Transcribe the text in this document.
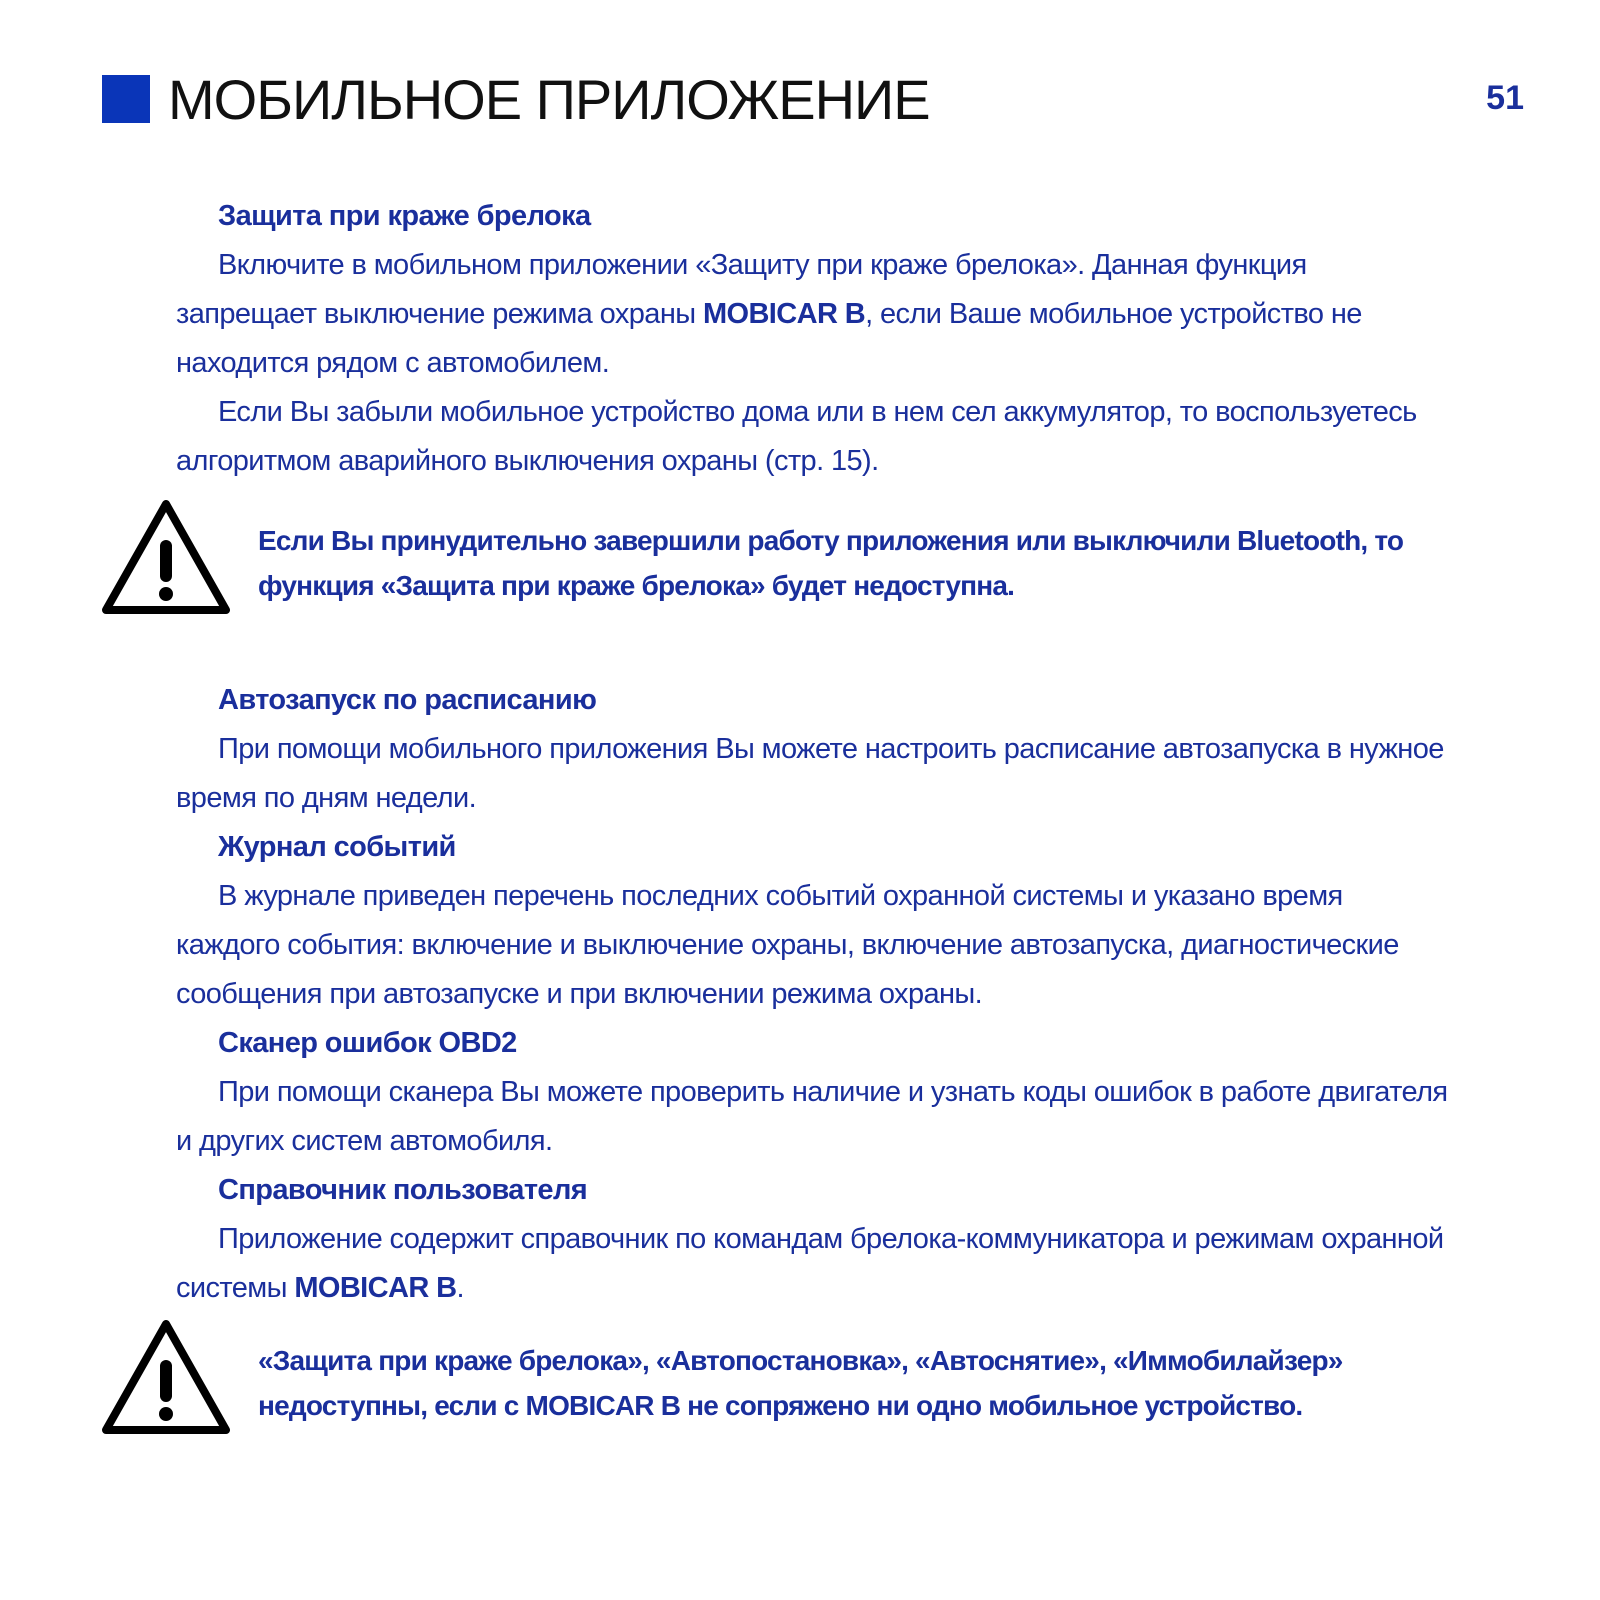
МОБИЛЬНОЕ ПРИЛОЖЕНИЕ	51
Защита при краже брелока

Включите в мобильном приложении «Защиту при краже брелока». Данная функция запрещает выключение режима охраны MOBICAR B, если Ваше мобильное устройство не находится рядом с автомобилем.

Если Вы забыли мобильное устройство дома или в нем сел аккумулятор, то воспользуетесь алгоритмом аварийного выключения охраны (стр. 15).

Если Вы принудительно завершили работу приложения или выключили Bluetooth, то функция «Защита при краже брелока» будет недоступна.
Автозапуск по расписанию

При помощи мобильного приложения Вы можете настроить расписание автозапуска в нужное время по дням недели.

Журнал событий

В журнале приведен перечень последних событий охранной системы и указано время каждого события: включение и выключение охраны, включение автозапуска, диагностические сообщения при автозапуске и при включении режима охраны.

Сканер ошибок OBD2

При помощи сканера Вы можете проверить наличие и узнать коды ошибок в работе двигателя и других систем автомобиля.

Справочник пользователя

Приложение содержит справочник по командам брелока-коммуникатора и режимам охранной системы MOBICAR B.

«Защита при краже брелока», «Автопостановка», «Автоснятие», «Иммобилайзер» недоступны, если с MOBICAR B не сопряжено ни одно мобильное устройство.
